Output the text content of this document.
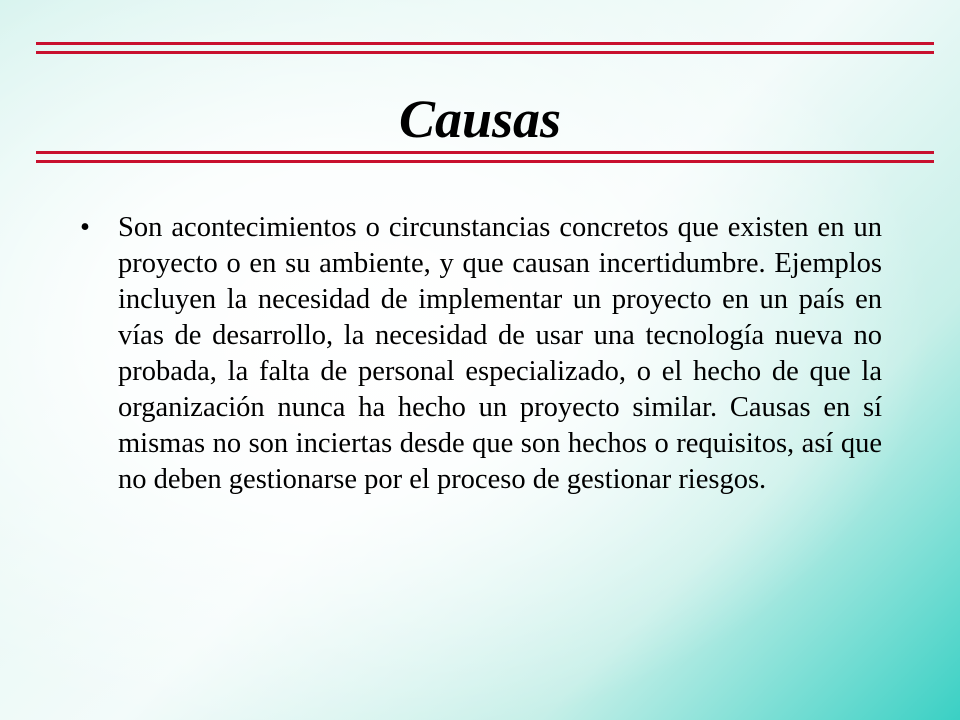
Causas
• Son acontecimientos o circunstancias concretos que existen en un proyecto o en su ambiente, y que causan incertidumbre. Ejemplos incluyen la necesidad de implementar un proyecto en un país en vías de desarrollo, la necesidad de usar una tecnología nueva no probada, la falta de personal especializado, o el hecho de que la organización nunca ha hecho un proyecto similar. Causas en sí mismas no son inciertas desde que son hechos o requisitos, así que no deben gestionarse por el proceso de gestionar riesgos.
